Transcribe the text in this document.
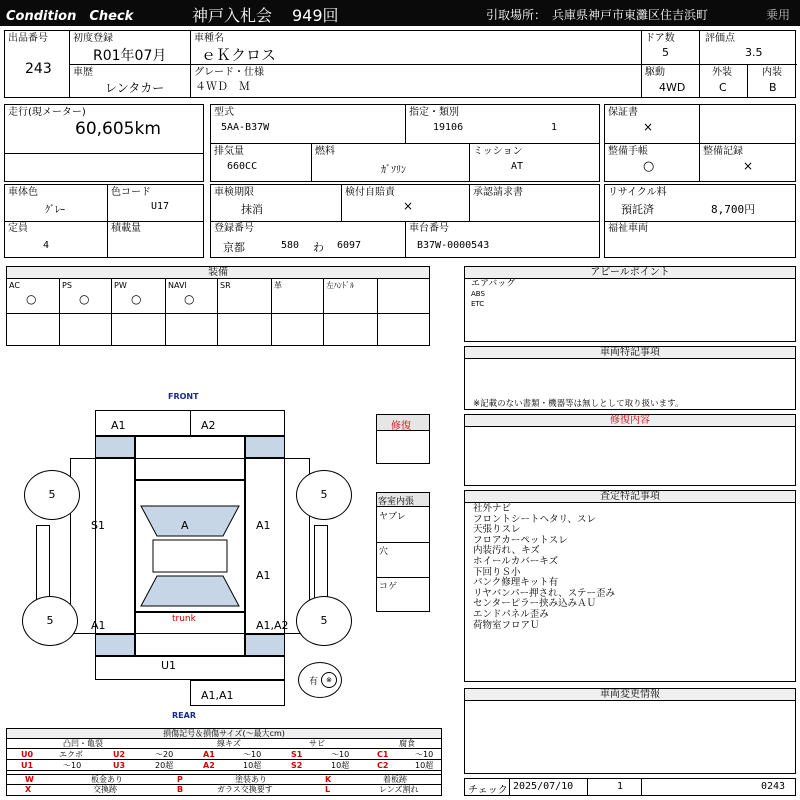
Condition　Check	神戸入札会 949回	引取場所： 兵庫県神戸市東灘区住吉浜町	乗用
出品番号
243
初度登録
R01年07月
車種名
ｅＫクロス
ドア数
5
評価点
3.5
車歴
レンタカー
グレード・仕様
４ＷＤ　Ｍ
駆動
4WD
外装
C
内装
B
走行(現メーター)
60,605km
型式
5AA-B37W
指定・類別
19106	1
排気量
660CC
燃料
ｶﾞｿﾘﾝ
ミッション
AT
保証書
×
整備手帳
○
整備記録
×
車体色
ｸﾞﾚｰ
色コード
U17
定員
4
積載量
車検期限
抹消
検付自賠責
×
承認請求書
登録番号
京都	580 わ 6097
車台番号
B37W-0000543
リサイクル料
預託済	8,700円
福祉車両
装備
AC
○
PS
○
PW
○
NAVI
○
SR	革	左ﾊﾝﾄﾞﾙ
アピールポイント
エアバッグ
ABS
ETC
車両特記事項
※記載のない書類・機器等は無しとして取り扱います。
修復内容
査定特記事項
社外ナビ
フロントシートヘタリ、スレ
天張りスレ
フロアカーペットスレ
内装汚れ、キズ
ホイールカバーキズ
下回りＳ小
パンク修理キット有
リヤバンパー押され、ステー歪み
センターピラー挟み込みＡＵ
エンドパネル歪み
荷物室フロアＵ
車両変更情報
チェック 2025/07/10	1	0243
FRONT
A1	A2
S1	A	A1
A1
A1	trunk	A1,A2
U1
A1,A1
5	5
5	5
有	⊗
REAR
修復
客室内張
ヤブレ
穴
コゲ
損傷記号＆損傷サイズ(〜最大cm)
凸凹・亀裂	線キズ	サビ	腐食
U0	エクボ	U2	〜20	A1	〜10	S1	〜10	C1	〜10
U1	〜10	U3	20超	A2	10超	S2	10超	C2	10超
W	板金あり	P	塗装あり	K	着板跡
X	交換跡	B	ガラス交換要す	L	レンズ割れ
